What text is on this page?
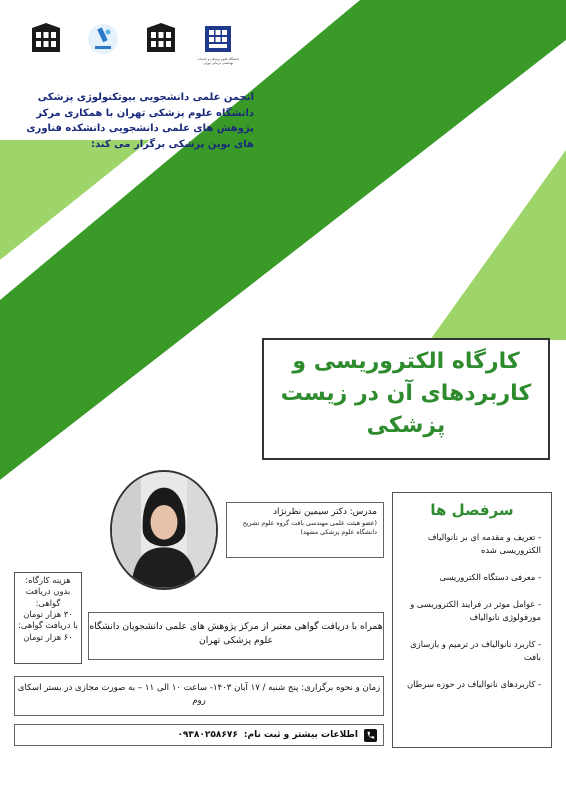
دانشگاه علوم پزشکی و خدمات بهداشتی درمانی تهران
انجمن علمی دانشجویی بیوتکنولوژی پزشکی دانشگاه علوم پزشکی تهران با همکاری مرکز پژوهش های علمی دانشجویی دانشکده فناوری های نوین پزشکی برگزار می کند:
کارگاه الکتروریسی و کاربردهای آن در زیست پزشکی
مدرس: دکتر سیمین نظرنژاد
(عضو هیئت علمی مهندسی بافت گروه علوم تشریح دانشگاه علوم پزشکی مشهد)
هزینه کارگاه:
بدون دریافت گواهی:
۳۰ هزار تومان
با دریافت گواهی:
۶۰ هزار تومان
سرفصل ها
- تعریف و مقدمه ای بر نانوالیاف الکتروریسی شده
- معرفی دستگاه الکتروریسی
- عوامل موثر در فرایند الکتروریسی و مورفولوژی نانوالیاف
- کاربرد نانوالیاف در ترمیم و بازسازی بافت
- کاربردهای نانوالیاف در حوزه سرطان
همراه با دریافت گواهی معتبر از مرکز پژوهش های علمی دانشجویان دانشگاه علوم پزشکی تهران
زمان و نحوه برگزاری: پنج شنبه / ۱۷ آبان ۱۴۰۳- ساعت ۱۰ الی ۱۱ – به صورت مجازی در بستر اسکای روم
اطلاعات بیشتر و ثبت نام:
۰۹۳۸۰۲۵۸۶۷۶
